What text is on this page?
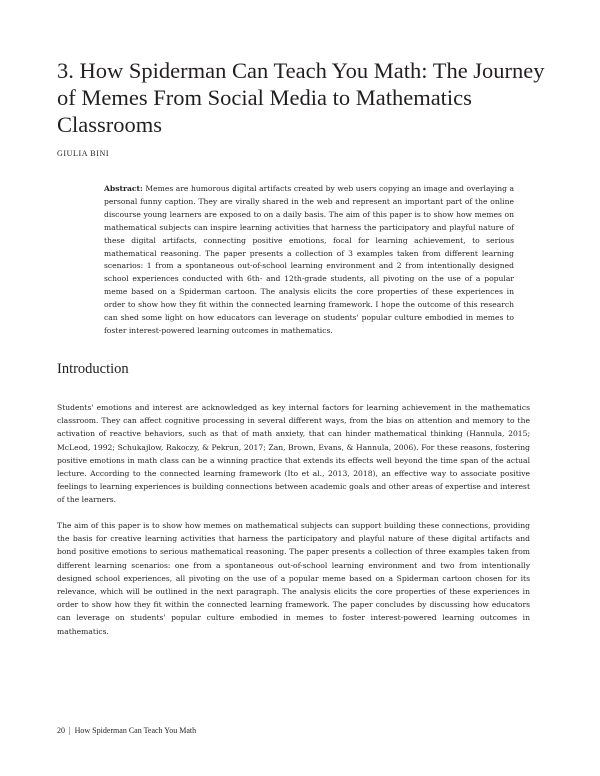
3. How Spiderman Can Teach You Math: The Journey of Memes From Social Media to Mathematics Classrooms

GIULIA BINI

Abstract: Memes are humorous digital artifacts created by web users copying an image and overlaying a personal funny caption. They are virally shared in the web and represent an important part of the online discourse young learners are exposed to on a daily basis. The aim of this paper is to show how memes on mathematical subjects can inspire learning activities that harness the participatory and playful nature of these digital artifacts, connecting positive emotions, focal for learning achievement, to serious mathematical reasoning. The paper presents a collection of 3 examples taken from different learning scenarios: 1 from a spontaneous out-of-school learning environment and 2 from intentionally designed school experiences conducted with 6th- and 12th-grade students, all pivoting on the use of a popular meme based on a Spiderman cartoon. The analysis elicits the core properties of these experiences in order to show how they fit within the connected learning framework. I hope the outcome of this research can shed some light on how educators can leverage on students' popular culture embodied in memes to foster interest-powered learning outcomes in mathematics.

Introduction

Students' emotions and interest are acknowledged as key internal factors for learning achievement in the mathematics classroom. They can affect cognitive processing in several different ways, from the bias on attention and memory to the activation of reactive behaviors, such as that of math anxiety, that can hinder mathematical thinking (Hannula, 2015; McLeod, 1992; Schukajlow, Rakoczy, & Pekrun, 2017; Zan, Brown, Evans, & Hannula, 2006). For these reasons, fostering positive emotions in math class can be a winning practice that extends its effects well beyond the time span of the actual lecture. According to the connected learning framework (Ito et al., 2013, 2018), an effective way to associate positive feelings to learning experiences is building connections between academic goals and other areas of expertise and interest of the learners.

The aim of this paper is to show how memes on mathematical subjects can support building these connections, providing the basis for creative learning activities that harness the participatory and playful nature of these digital artifacts and bond positive emotions to serious mathematical reasoning. The paper presents a collection of three examples taken from different learning scenarios: one from a spontaneous out-of-school learning environment and two from intentionally designed school experiences, all pivoting on the use of a popular meme based on a Spiderman cartoon chosen for its relevance, which will be outlined in the next paragraph. The analysis elicits the core properties of these experiences in order to show how they fit within the connected learning framework. The paper concludes by discussing how educators can leverage on students' popular culture embodied in memes to foster interest-powered learning outcomes in mathematics.

20 | How Spiderman Can Teach You Math
